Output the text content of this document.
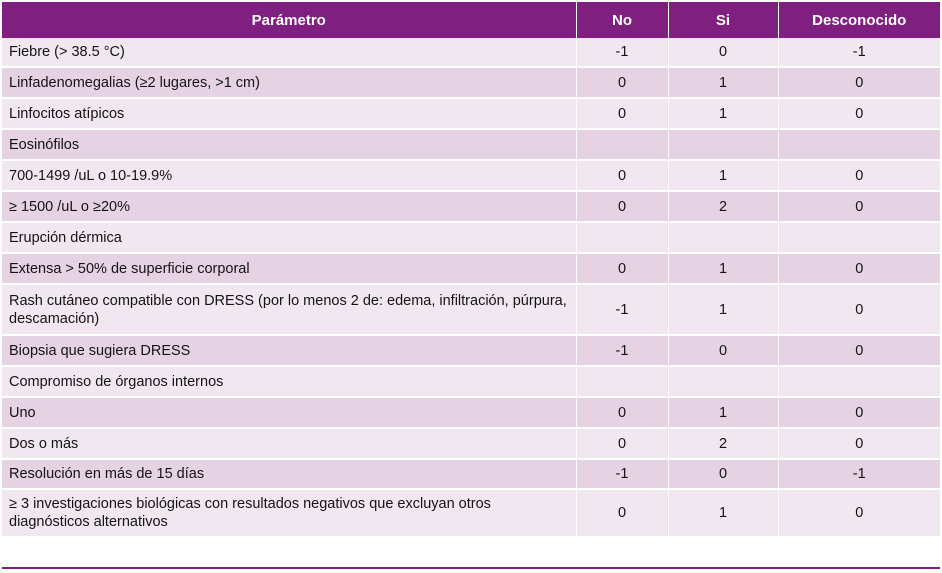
Parámetro	No	Si	Desconocido
Fiebre (> 38.5 °C)	-1	0	-1
Linfadenomegalias (≥2 lugares, >1 cm)	0	1	0
Linfocitos atípicos	0	1	0
Eosinófilos			
700-1499 /uL o 10-19.9%	0	1	0
≥ 1500 /uL o ≥20%	0	2	0
Erupción dérmica			
Extensa > 50% de superficie corporal	0	1	0
Rash cutáneo compatible con DRESS (por lo menos 2 de: edema, infiltración, púrpura, descamación)	-1	1	0
Biopsia que sugiera DRESS	-1	0	0
Compromiso de órganos internos			
Uno	0	1	0
Dos o más	0	2	0
Resolución en más de 15 días	-1	0	-1
≥ 3 investigaciones biológicas con resultados negativos que excluyan otros diagnósticos alternativos	0	1	0
